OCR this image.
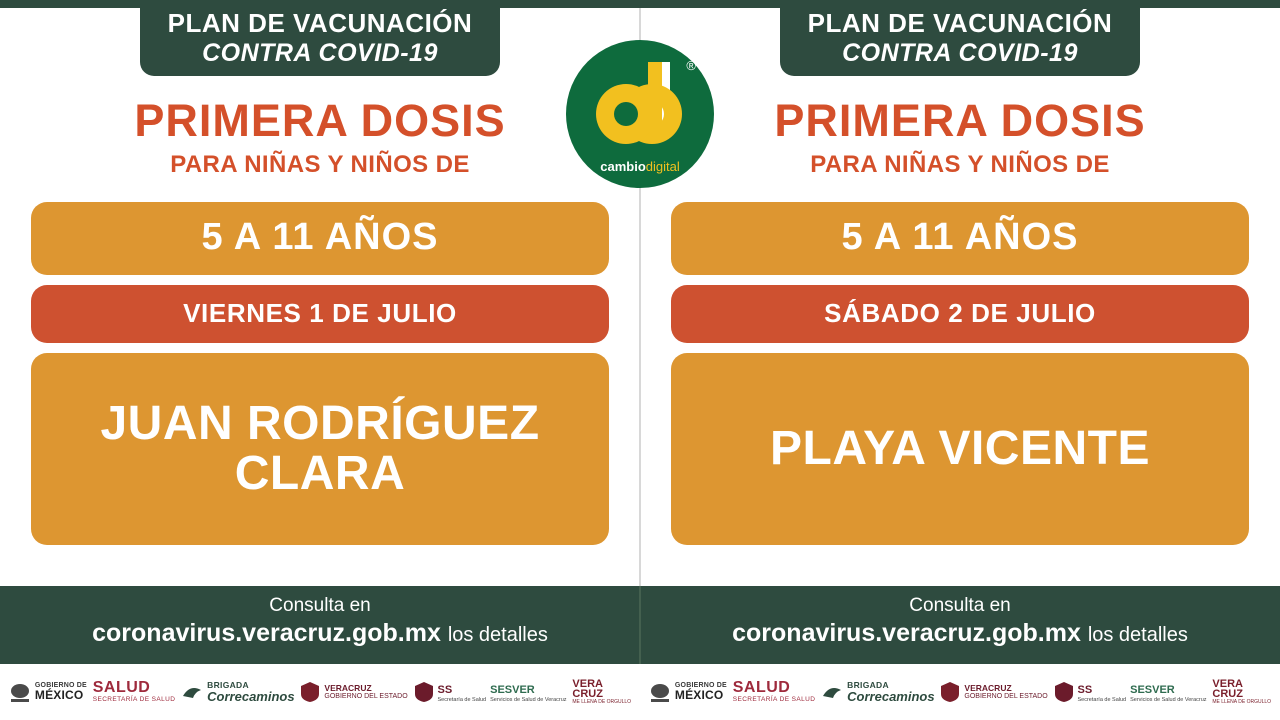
PLAN DE VACUNACIÓN
CONTRA COVID-19
PRIMERA DOSIS
PARA NIÑAS Y NIÑOS DE
5 A 11 AÑOS
VIERNES 1 DE JULIO
JUAN RODRÍGUEZ CLARA
PLAN DE VACUNACIÓN
CONTRA COVID-19
PRIMERA DOSIS
PARA NIÑAS Y NIÑOS DE
5 A 11 AÑOS
SÁBADO 2 DE JULIO
PLAYA VICENTE
®
cambiodigital
Consulta en
coronavirus.veracruz.gob.mx los detalles
Consulta en
coronavirus.veracruz.gob.mx los detalles
GOBIERNO DE
MÉXICO SALUD
SECRETARÍA DE SALUD
BRIGADA
Correcaminos
VERACRUZ
GOBIERNO DEL ESTADO
SS
Secretaría de Salud
SESVER
Servicios de Salud de Veracruz
VERA
CRUZ
ME LLENA DE ORGULLO
GOBIERNO DE
MÉXICO SALUD
SECRETARÍA DE SALUD
BRIGADA
Correcaminos
VERACRUZ
GOBIERNO DEL ESTADO
SS
Secretaría de Salud
SESVER
Servicios de Salud de Veracruz
VERA
CRUZ
ME LLENA DE ORGULLO
